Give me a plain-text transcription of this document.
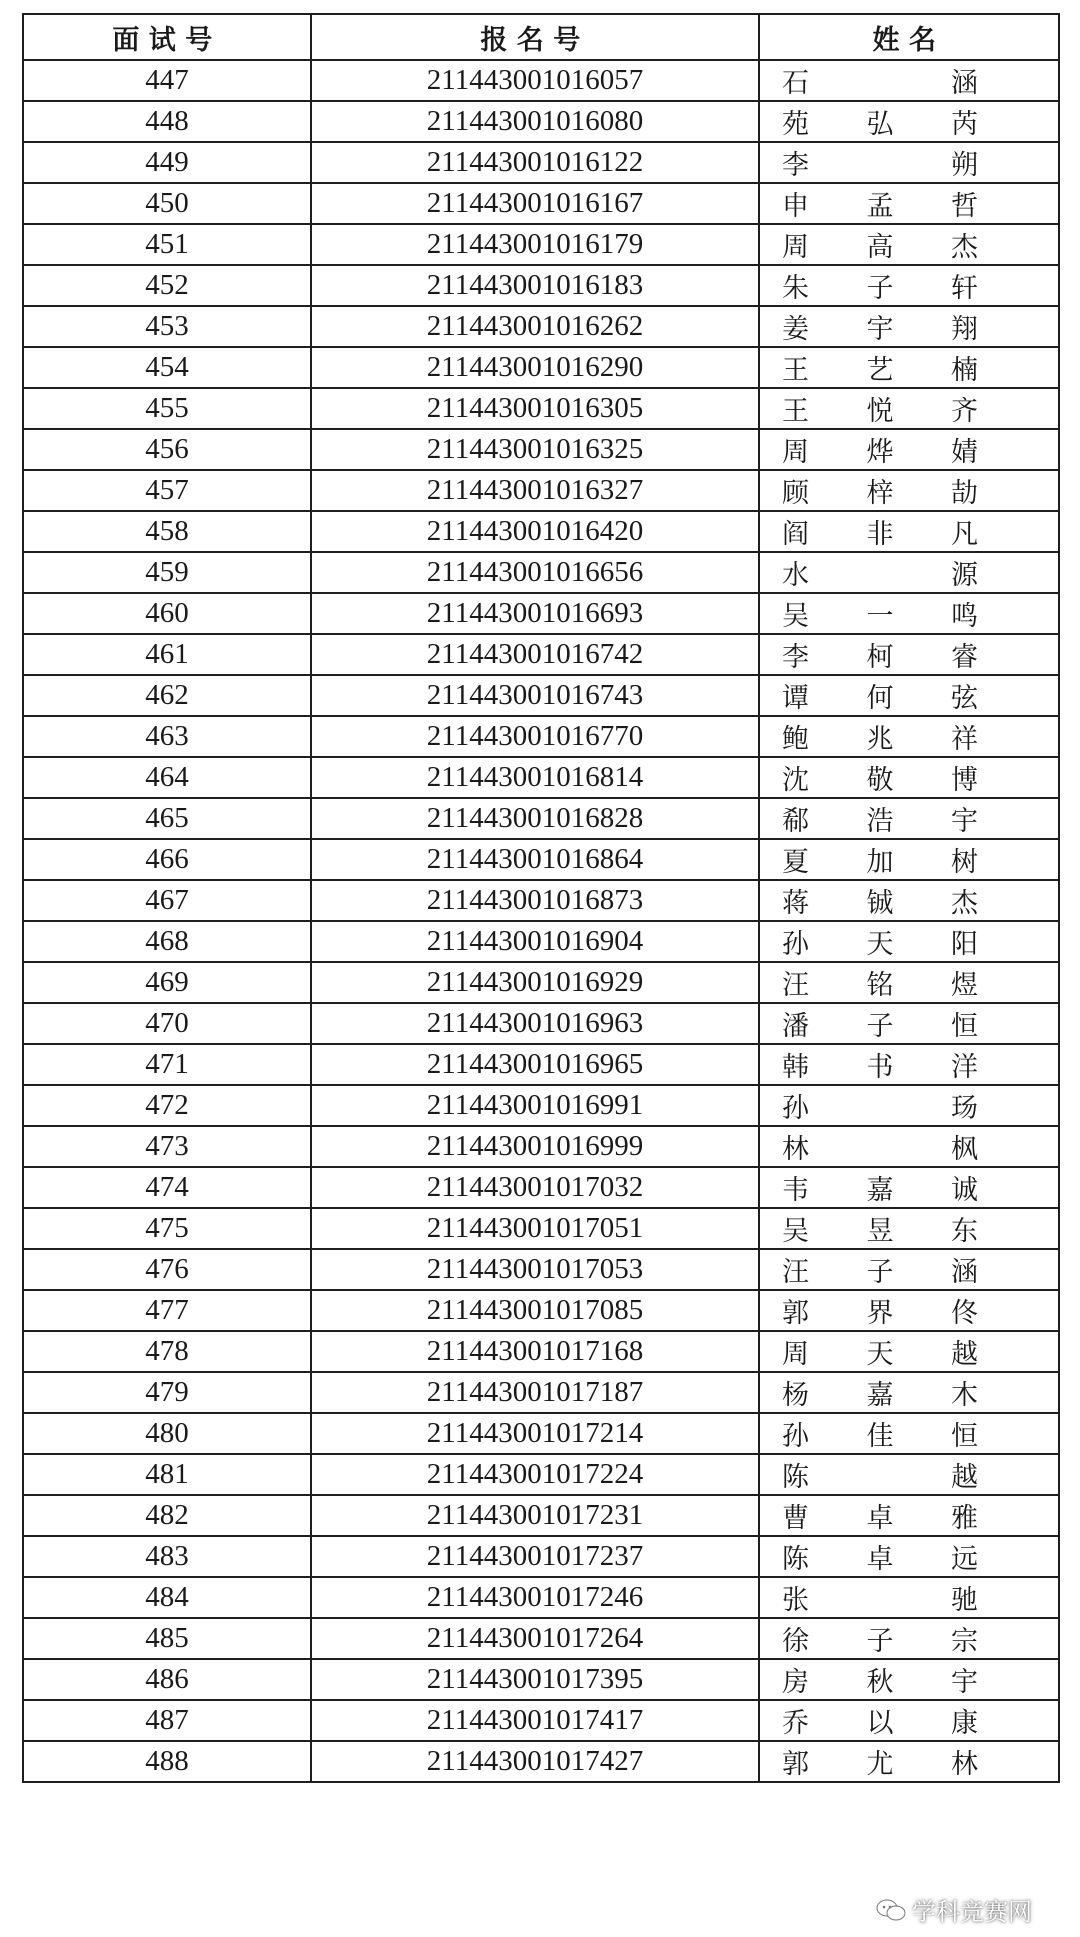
面试号	报名号	姓名
447	211443001016057	石 涵

448	211443001016080	苑 弘 芮

449	211443001016122	李 朔

450	211443001016167	申 孟 哲

451	211443001016179	周 高 杰

452	211443001016183	朱 子 轩

453	211443001016262	姜 宇 翔

454	211443001016290	王 艺 楠

455	211443001016305	王 悦 齐

456	211443001016325	周 烨 婧

457	211443001016327	顾 梓 劼

458	211443001016420	阎 非 凡

459	211443001016656	水 源

460	211443001016693	吴 一 鸣

461	211443001016742	李 柯 睿

462	211443001016743	谭 何 弦

463	211443001016770	鲍 兆 祥

464	211443001016814	沈 敬 博

465	211443001016828	郗 浩 宇

466	211443001016864	夏 加 树

467	211443001016873	蒋 铖 杰

468	211443001016904	孙 天 阳

469	211443001016929	汪 铭 煜

470	211443001016963	潘 子 恒

471	211443001016965	韩 书 洋

472	211443001016991	孙 玚

473	211443001016999	林 枫

474	211443001017032	韦 嘉 诚

475	211443001017051	吴 昱 东

476	211443001017053	汪 子 涵

477	211443001017085	郭 界 佟

478	211443001017168	周 天 越

479	211443001017187	杨 嘉 木

480	211443001017214	孙 佳 恒

481	211443001017224	陈 越

482	211443001017231	曹 卓 雅

483	211443001017237	陈 卓 远

484	211443001017246	张 驰

485	211443001017264	徐 子 宗

486	211443001017395	房 秋 宇

487	211443001017417	乔 以 康

488	211443001017427	郭 尤 林
学科竞赛网
